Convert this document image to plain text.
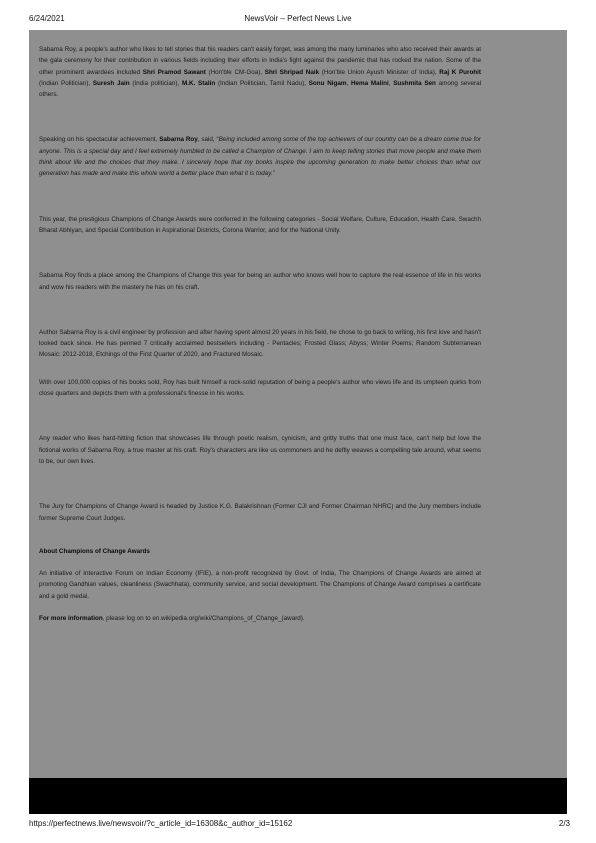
6/24/2021	NewsVoir – Perfect News Live

Sabarna Roy, a people's author who likes to tell stories that his readers can't easily forget, was among the many luminaries who also received their awards at the gala ceremony for their contribution in various fields including their efforts in India's fight against the pandemic that has rocked the nation. Some of the other prominent awardees included Shri Pramod Sawant (Hon'ble CM-Goa), Shri Shripad Naik (Hon'ble Union Ayush Minister of India), Raj K Purohit (Indian Politician), Suresh Jain (India politician), M.K. Stalin (Indian Politician, Tamil Nadu), Sonu Nigam, Hema Malini, Sushmita Sen among several others.

Speaking on his spectacular achievement, Sabarna Roy, said, “Being included among some of the top achievers of our country can be a dream come true for anyone. This is a special day and I feel extremely humbled to be called a Champion of Change. I aim to keep telling stories that move people and make them think about life and the choices that they make. I sincerely hope that my books inspire the upcoming generation to make better choices than what our generation has made and make this whole world a better place than what it is today.”

This year, the prestigious Champions of Change Awards were conferred in the following categories - Social Welfare, Culture, Education, Health Care, Swachh Bharat Abhiyan, and Special Contribution in Aspirational Districts, Corona Warrior, and for the National Unity.

Sabarna Roy finds a place among the Champions of Change this year for being an author who knows well how to capture the real essence of life in his works and wow his readers with the mastery he has on his craft.

Author Sabarna Roy is a civil engineer by profession and after having spent almost 20 years in his field, he chose to go back to writing, his first love and hasn't looked back since. He has penned 7 critically acclaimed bestsellers including - Pentacles; Frosted Glass; Abyss; Winter Poems; Random Subterranean Mosaic: 2012-2018, Etchings of the First Quarter of 2020, and Fractured Mosaic.

With over 100,000 copies of his books sold, Roy has built himself a rock-solid reputation of being a people's author who views life and its umpteen quirks from close quarters and depicts them with a professional's finesse in his works.

Any reader who likes hard-hitting fiction that showcases life through poetic realism, cynicism, and gritty truths that one must face, can't help but love the fictional works of Sabarna Roy, a true master at his craft. Roy's characters are like us commoners and he deftly weaves a compelling tale around, what seems to be, our own lives.

The Jury for Champions of Change Award is headed by Justice K.G. Balakrishnan (Former CJI and Former Chairman NHRC) and the Jury members include former Supreme Court Judges.

About Champions of Change Awards

An initiative of Interactive Forum on Indian Economy (IFIE), a non-profit recognized by Govt. of India, The Champions of Change Awards are aimed at promoting Gandhian values, cleanliness (Swachhata), community service, and social development. The Champions of Change Award comprises a certificate and a gold medal.

For more information, please log on to en.wikipedia.org/wiki/Champions_of_Change_(award).

https://perfectnews.live/newsvoir/?c_article_id=16308&c_author_id=15162	2/3
